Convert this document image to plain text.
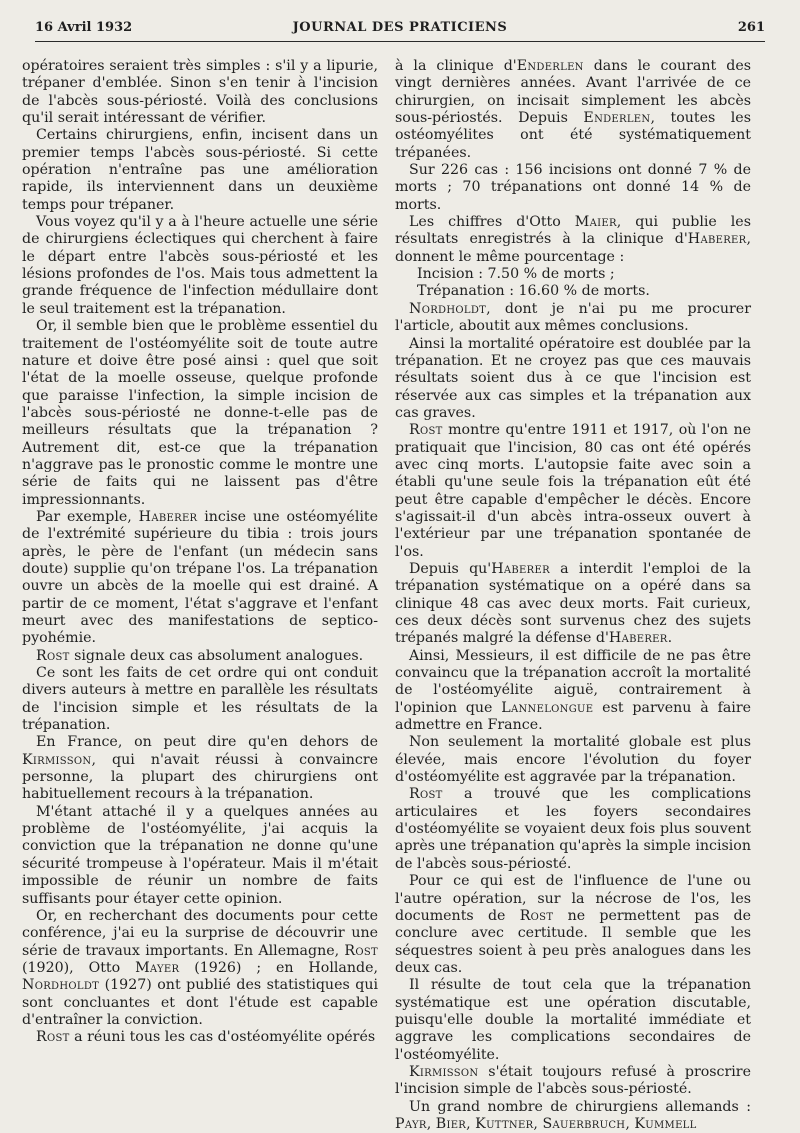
16 Avril 1932	JOURNAL DES PRATICIENS	261

opératoires seraient très simples : s'il y a lipurie, trépaner d'emblée. Sinon s'en tenir à l'incision de l'abcès sous-périosté. Voilà des conclusions qu'il serait intéressant de vérifier.

Certains chirurgiens, enfin, incisent dans un premier temps l'abcès sous-périosté. Si cette opération n'entraîne pas une amélioration rapide, ils interviennent dans un deuxième temps pour trépaner.

Vous voyez qu'il y a à l'heure actuelle une série de chirurgiens éclectiques qui cherchent à faire le départ entre l'abcès sous-périosté et les lésions profondes de l'os. Mais tous admettent la grande fréquence de l'infection médullaire dont le seul traitement est la trépanation.

Or, il semble bien que le problème essentiel du traitement de l'ostéomyélite soit de toute autre nature et doive être posé ainsi : quel que soit l'état de la moelle osseuse, quelque profonde que paraisse l'infection, la simple incision de l'abcès sous-périosté ne donne-t-elle pas de meilleurs résultats que la trépanation ? Autrement dit, est-ce que la trépanation n'aggrave pas le pronostic comme le montre une série de faits qui ne laissent pas d'être impressionnants.

Par exemple, Haberer incise une ostéomyélite de l'extrémité supérieure du tibia : trois jours après, le père de l'enfant (un médecin sans doute) supplie qu'on trépane l'os. La trépanation ouvre un abcès de la moelle qui est drainé. A partir de ce moment, l'état s'aggrave et l'enfant meurt avec des manifestations de septico-pyohémie.

Rost signale deux cas absolument analogues.

Ce sont les faits de cet ordre qui ont conduit divers auteurs à mettre en parallèle les résultats de l'incision simple et les résultats de la trépanation.

En France, on peut dire qu'en dehors de Kirmisson, qui n'avait réussi à convaincre personne, la plupart des chirurgiens ont habituellement recours à la trépanation.

M'étant attaché il y a quelques années au problème de l'ostéomyélite, j'ai acquis la conviction que la trépanation ne donne qu'une sécurité trompeuse à l'opérateur. Mais il m'était impossible de réunir un nombre de faits suffisants pour étayer cette opinion.

Or, en recherchant des documents pour cette conférence, j'ai eu la surprise de découvrir une série de travaux importants. En Allemagne, Rost (1920), Otto Mayer (1926) ; en Hollande, Nordholdt (1927) ont publié des statistiques qui sont concluantes et dont l'étude est capable d'entraîner la conviction.

Rost a réuni tous les cas d'ostéomyélite opérés

à la clinique d'Enderlen dans le courant des vingt dernières années. Avant l'arrivée de ce chirurgien, on incisait simplement les abcès sous-périostés. Depuis Enderlen, toutes les ostéomyélites ont été systématiquement trépanées.

Sur 226 cas : 156 incisions ont donné 7 % de morts ; 70 trépanations ont donné 14 % de morts.

Les chiffres d'Otto Maier, qui publie les résultats enregistrés à la clinique d'Haberer, donnent le même pourcentage :

Incision : 7.50 % de morts ;

Trépanation : 16.60 % de morts.

Nordholdt, dont je n'ai pu me procurer l'article, aboutit aux mêmes conclusions.

Ainsi la mortalité opératoire est doublée par la trépanation. Et ne croyez pas que ces mauvais résultats soient dus à ce que l'incision est réservée aux cas simples et la trépanation aux cas graves.

Rost montre qu'entre 1911 et 1917, où l'on ne pratiquait que l'incision, 80 cas ont été opérés avec cinq morts. L'autopsie faite avec soin a établi qu'une seule fois la trépanation eût été peut être capable d'empêcher le décès. Encore s'agissait-il d'un abcès intra-osseux ouvert à l'extérieur par une trépanation spontanée de l'os.

Depuis qu'Haberer a interdit l'emploi de la trépanation systématique on a opéré dans sa clinique 48 cas avec deux morts. Fait curieux, ces deux décès sont survenus chez des sujets trépanés malgré la défense d'Haberer.

Ainsi, Messieurs, il est difficile de ne pas être convaincu que la trépanation accroît la mortalité de l'ostéomyélite aiguë, contrairement à l'opinion que Lannelongue est parvenu à faire admettre en France.

Non seulement la mortalité globale est plus élevée, mais encore l'évolution du foyer d'ostéomyélite est aggravée par la trépanation.

Rost a trouvé que les complications articulaires et les foyers secondaires d'ostéomyélite se voyaient deux fois plus souvent après une trépanation qu'après la simple incision de l'abcès sous-périosté.

Pour ce qui est de l'influence de l'une ou l'autre opération, sur la nécrose de l'os, les documents de Rost ne permettent pas de conclure avec certitude. Il semble que les séquestres soient à peu près analogues dans les deux cas.

Il résulte de tout cela que la trépanation systématique est une opération discutable, puisqu'elle double la mortalité immédiate et aggrave les complications secondaires de l'ostéomyélite.

Kirmisson s'était toujours refusé à proscrire l'incision simple de l'abcès sous-périosté.

Un grand nombre de chirurgiens allemands : Payr, Bier, Kuttner, Sauerbruch, Kummell
